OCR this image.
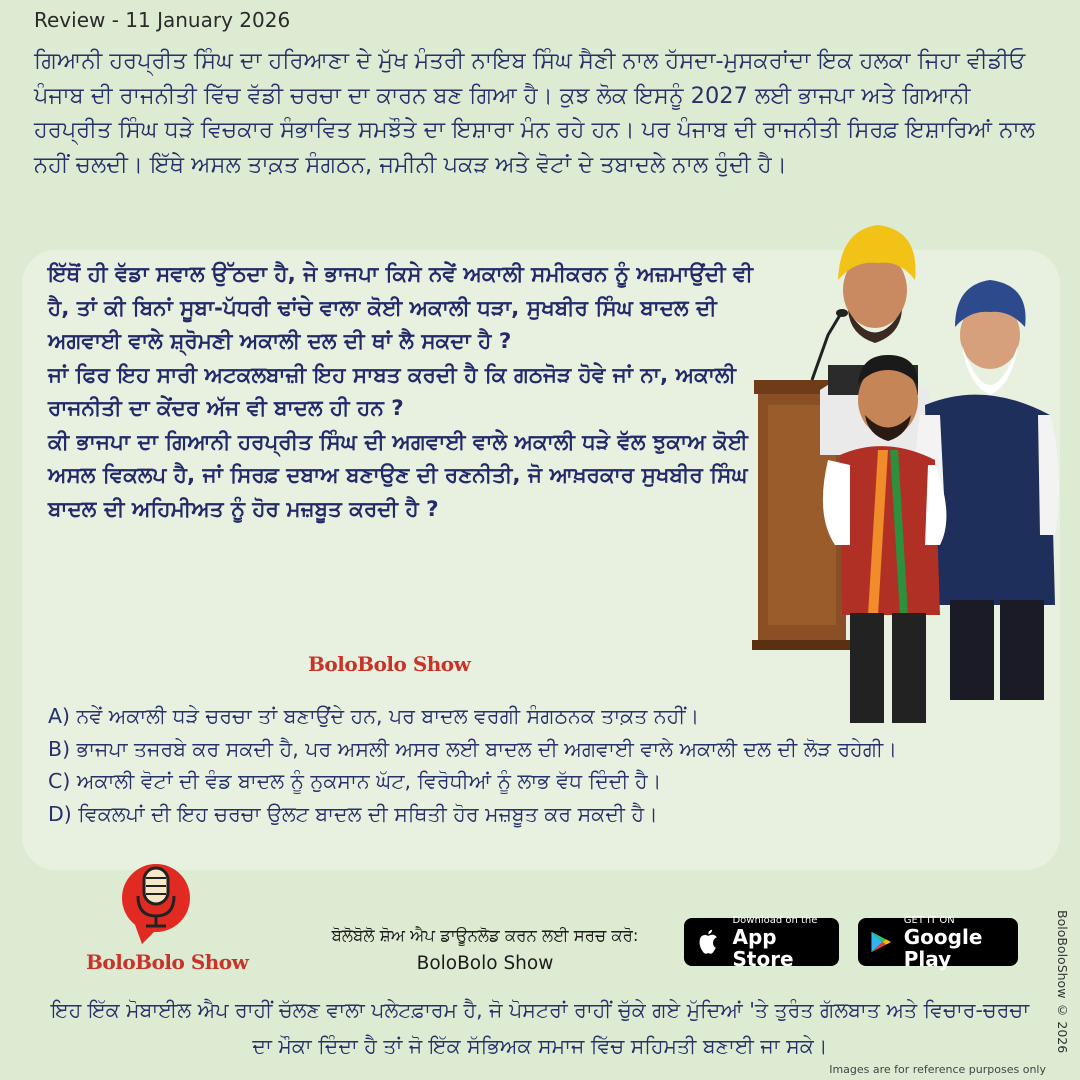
Review - 11 January 2026

ਗਿਆਨੀ ਹਰਪ੍ਰੀਤ ਸਿੰਘ ਦਾ ਹਰਿਆਣਾ ਦੇ ਮੁੱਖ ਮੰਤਰੀ ਨਾਇਬ ਸਿੰਘ ਸੈਣੀ ਨਾਲ ਹੱਸਦਾ-ਮੁਸਕਰਾਂਦਾ ਇਕ ਹਲਕਾ ਜਿਹਾ ਵੀਡੀਓ ਪੰਜਾਬ ਦੀ ਰਾਜਨੀਤੀ ਵਿੱਚ ਵੱਡੀ ਚਰਚਾ ਦਾ ਕਾਰਨ ਬਣ ਗਿਆ ਹੈ। ਕੁਝ ਲੋਕ ਇਸਨੂੰ 2027 ਲਈ ਭਾਜਪਾ ਅਤੇ ਗਿਆਨੀ ਹਰਪ੍ਰੀਤ ਸਿੰਘ ਧੜੇ ਵਿਚਕਾਰ ਸੰਭਾਵਿਤ ਸਮਝੌਤੇ ਦਾ ਇਸ਼ਾਰਾ ਮੰਨ ਰਹੇ ਹਨ। ਪਰ ਪੰਜਾਬ ਦੀ ਰਾਜਨੀਤੀ ਸਿਰਫ਼ ਇਸ਼ਾਰਿਆਂ ਨਾਲ ਨਹੀਂ ਚਲਦੀ। ਇੱਥੇ ਅਸਲ ਤਾਕ਼ਤ ਸੰਗਠਨ, ਜਮੀਨੀ ਪਕੜ ਅਤੇ ਵੋਟਾਂ ਦੇ ਤਬਾਦਲੇ ਨਾਲ ਹੁੰਦੀ ਹੈ।

ਇੱਥੋਂ ਹੀ ਵੱਡਾ ਸਵਾਲ ਉੱਠਦਾ ਹੈ, ਜੇ ਭਾਜਪਾ ਕਿਸੇ ਨਵੇਂ ਅਕਾਲੀ ਸਮੀਕਰਨ ਨੂੰ ਅਜ਼ਮਾਉਂਦੀ ਵੀ ਹੈ, ਤਾਂ ਕੀ ਬਿਨਾਂ ਸੂਬਾ-ਪੱਧਰੀ ਢਾਂਚੇ ਵਾਲਾ ਕੋਈ ਅਕਾਲੀ ਧੜਾ, ਸੁਖਬੀਰ ਸਿੰਘ ਬਾਦਲ ਦੀ ਅਗਵਾਈ ਵਾਲੇ ਸ਼੍ਰੋਮਣੀ ਅਕਾਲੀ ਦਲ ਦੀ ਥਾਂ ਲੈ ਸਕਦਾ ਹੈ ?
ਜਾਂ ਫਿਰ ਇਹ ਸਾਰੀ ਅਟਕਲਬਾਜ਼ੀ ਇਹ ਸਾਬਤ ਕਰਦੀ ਹੈ ਕਿ ਗਠਜੋੜ ਹੋਵੇ ਜਾਂ ਨਾ, ਅਕਾਲੀ ਰਾਜਨੀਤੀ ਦਾ ਕੇਂਦਰ ਅੱਜ ਵੀ ਬਾਦਲ ਹੀ ਹਨ ?
ਕੀ ਭਾਜਪਾ ਦਾ ਗਿਆਨੀ ਹਰਪ੍ਰੀਤ ਸਿੰਘ ਦੀ ਅਗਵਾਈ ਵਾਲੇ ਅਕਾਲੀ ਧੜੇ ਵੱਲ ਝੁਕਾਅ ਕੋਈ ਅਸਲ ਵਿਕਲਪ ਹੈ, ਜਾਂ ਸਿਰਫ਼ ਦਬਾਅ ਬਣਾਉਣ ਦੀ ਰਣਨੀਤੀ, ਜੋ ਆਖ਼ਰਕਾਰ ਸੁਖਬੀਰ ਸਿੰਘ ਬਾਦਲ ਦੀ ਅਹਿਮੀਅਤ ਨੂੰ ਹੋਰ ਮਜ਼ਬੂਤ ਕਰਦੀ ਹੈ ?
BoloBolo Show
A) ਨਵੇਂ ਅਕਾਲੀ ਧੜੇ ਚਰਚਾ ਤਾਂ ਬਣਾਉਂਦੇ ਹਨ, ਪਰ ਬਾਦਲ ਵਰਗੀ ਸੰਗਠਨਕ ਤਾਕ਼ਤ ਨਹੀਂ।
B) ਭਾਜਪਾ ਤਜਰਬੇ ਕਰ ਸਕਦੀ ਹੈ, ਪਰ ਅਸਲੀ ਅਸਰ ਲਈ ਬਾਦਲ ਦੀ ਅਗਵਾਈ ਵਾਲੇ ਅਕਾਲੀ ਦਲ ਦੀ ਲੋੜ ਰਹੇਗੀ।
C) ਅਕਾਲੀ ਵੋਟਾਂ ਦੀ ਵੰਡ ਬਾਦਲ ਨੂੰ ਨੁਕਸਾਨ ਘੱਟ, ਵਿਰੋਧੀਆਂ ਨੂੰ ਲਾਭ ਵੱਧ ਦਿੰਦੀ ਹੈ।
D) ਵਿਕਲਪਾਂ ਦੀ ਇਹ ਚਰਚਾ ਉਲਟ ਬਾਦਲ ਦੀ ਸਥਿਤੀ ਹੋਰ ਮਜ਼ਬੂਤ ਕਰ ਸਕਦੀ ਹੈ।
BoloBolo Show
ਬੋਲੋਬੋਲੋ ਸ਼ੋਅ ਐਪ ਡਾਊਨਲੋਡ ਕਰਨ ਲਈ ਸਰਚ ਕਰੋ:
BoloBolo Show
Download on the
App Store
GET IT ON
Google Play

ਇਹ ਇੱਕ ਮੋਬਾਈਲ ਐਪ ਰਾਹੀਂ ਚੱਲਣ ਵਾਲਾ ਪਲੇਟਫ਼ਾਰਮ ਹੈ, ਜੋ ਪੋਸਟਰਾਂ ਰਾਹੀਂ ਚੁੱਕੇ ਗਏ ਮੁੱਦਿਆਂ 'ਤੇ ਤੁਰੰਤ ਗੱਲਬਾਤ ਅਤੇ ਵਿਚਾਰ-ਚਰਚਾ ਦਾ ਮੌਕਾ ਦਿੰਦਾ ਹੈ ਤਾਂ ਜੋ ਇੱਕ ਸੱਭਿਅਕ ਸਮਾਜ ਵਿੱਚ ਸਹਿਮਤੀ ਬਣਾਈ ਜਾ ਸਕੇ।	BoloBoloShow © 2026
Images are for reference purposes only
